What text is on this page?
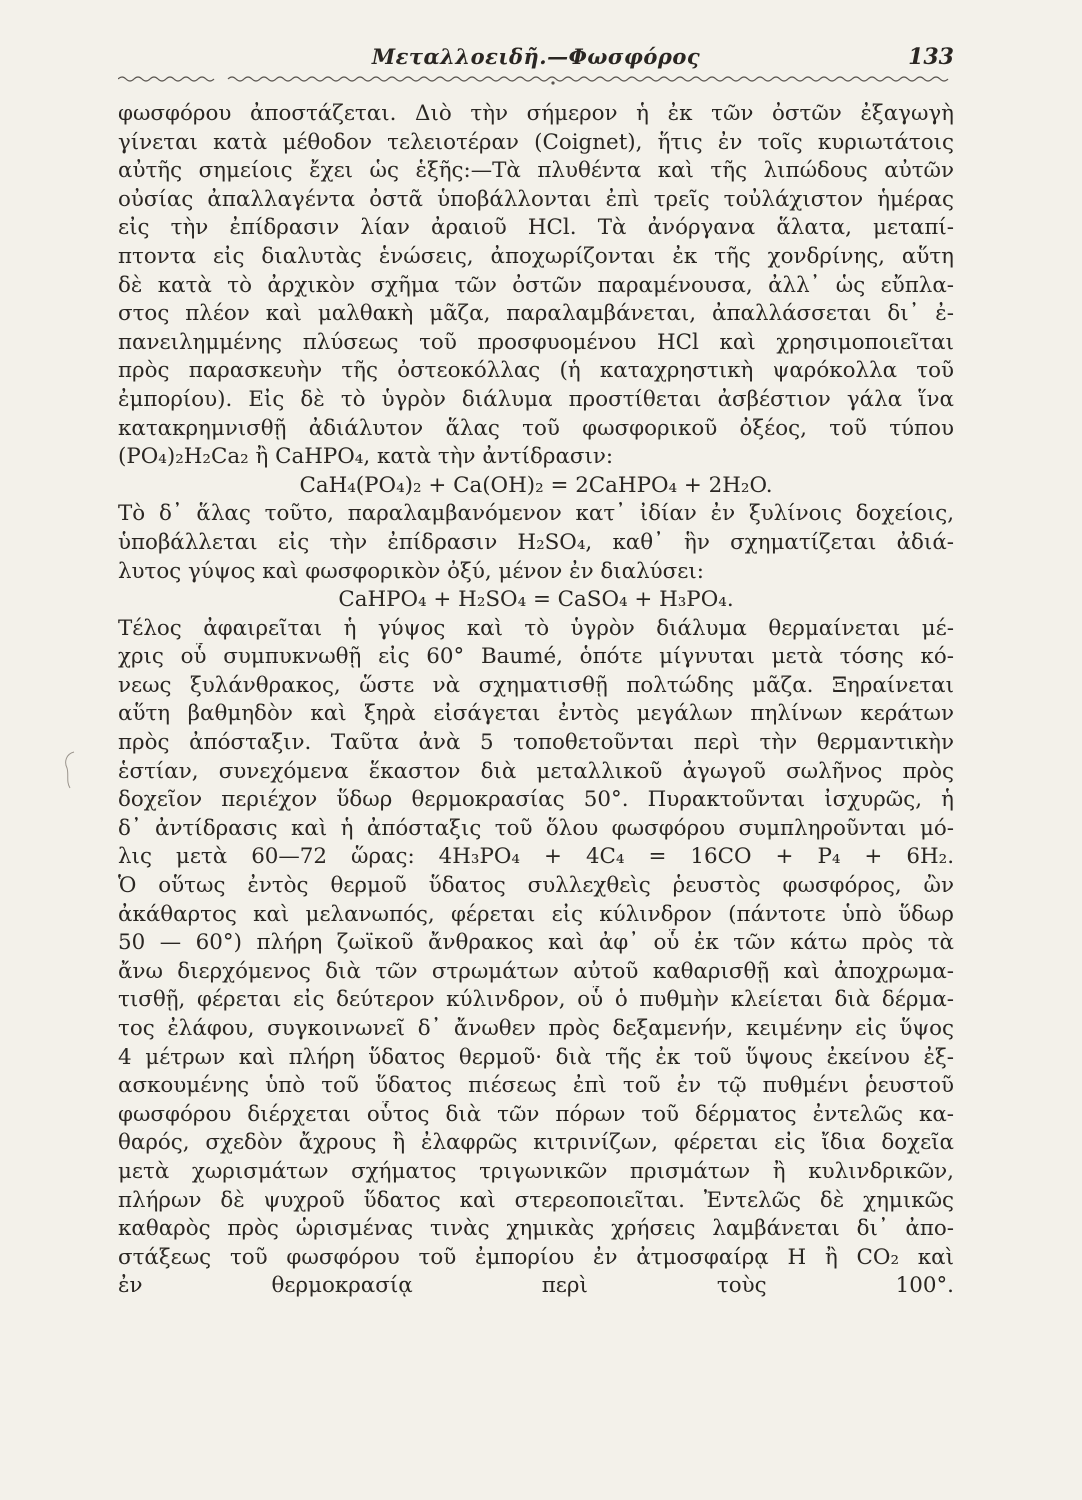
Μεταλλοειδῆ.—Φωσφόρος	133
φωσφόρου ἀποστάζεται. Διὸ τὴν σήμερον ἡ ἐκ τῶν ὀστῶν ἐξαγωγὴ
γίνεται κατὰ μέθοδον τελειοτέραν (Coignet), ἥτις ἐν τοῖς κυριωτάτοις
αὐτῆς σημείοις ἔχει ὡς ἑξῆς:—Τὰ πλυθέντα καὶ τῆς λιπώδους αὐτῶν
οὐσίας ἀπαλλαγέντα ὀστᾶ ὑποβάλλονται ἐπὶ τρεῖς τοὐλάχιστον ἡμέρας
εἰς τὴν ἐπίδρασιν λίαν ἀραιοῦ HCl. Τὰ ἀνόργανα ἅλατα, μεταπί-
πτοντα εἰς διαλυτὰς ἑνώσεις, ἀποχωρίζονται ἐκ τῆς χονδρίνης, αὕτη
δὲ κατὰ τὸ ἀρχικὸν σχῆμα τῶν ὀστῶν παραμένουσα, ἀλλ᾽ ὡς εὔπλα-
στος πλέον καὶ μαλθακὴ μᾶζα, παραλαμβάνεται, ἀπαλλάσσεται δι᾽ ἐ-
πανειλημμένης πλύσεως τοῦ προσφυομένου HCl καὶ χρησιμοποιεῖται
πρὸς παρασκευὴν τῆς ὀστεοκόλλας (ἡ καταχρηστικὴ ψαρόκολλα τοῦ
ἐμπορίου). Εἰς δὲ τὸ ὑγρὸν διάλυμα προστίθεται ἀσβέστιον γάλα ἵνα
κατακρημνισθῇ ἀδιάλυτον ἅλας τοῦ φωσφορικοῦ ὀξέος, τοῦ τύπου
(PO₄)₂H₂Ca₂ ἢ CaHPO₄, κατὰ τὴν ἀντίδρασιν:
CaH₄(PO₄)₂ + Ca(OH)₂ = 2CaHPO₄ + 2H₂O.
Τὸ δ᾽ ἅλας τοῦτο, παραλαμβανόμενον κατ᾽ ἰδίαν ἐν ξυλίνοις δοχείοις,
ὑποβάλλεται εἰς τὴν ἐπίδρασιν H₂SO₄, καθ᾽ ἣν σχηματίζεται ἀδιά-
λυτος γύψος καὶ φωσφορικὸν ὀξύ, μένον ἐν διαλύσει:
CaHPO₄ + H₂SO₄ = CaSO₄ + H₃PO₄.
Τέλος ἀφαιρεῖται ἡ γύψος καὶ τὸ ὑγρὸν διάλυμα θερμαίνεται μέ-
χρις οὗ συμπυκνωθῇ εἰς 60° Baumé, ὁπότε μίγνυται μετὰ τόσης κό-
νεως ξυλάνθρακος, ὥστε νὰ σχηματισθῇ πολτώδης μᾶζα. Ξηραίνεται
αὕτη βαθμηδὸν καὶ ξηρὰ εἰσάγεται ἐντὸς μεγάλων πηλίνων κεράτων
πρὸς ἀπόσταξιν. Ταῦτα ἀνὰ 5 τοποθετοῦνται περὶ τὴν θερμαντικὴν
ἑστίαν, συνεχόμενα ἕκαστον διὰ μεταλλικοῦ ἀγωγοῦ σωλῆνος πρὸς
δοχεῖον περιέχον ὕδωρ θερμοκρασίας 50°. Πυρακτοῦνται ἰσχυρῶς, ἡ
δ᾽ ἀντίδρασις καὶ ἡ ἀπόσταξις τοῦ ὅλου φωσφόρου συμπληροῦνται μό-
λις μετὰ 60—72 ὥρας: 4H₃PO₄ + 4C₄ = 16CO + P₄ + 6H₂.
Ὁ οὕτως ἐντὸς θερμοῦ ὕδατος συλλεχθεὶς ῥευστὸς φωσφόρος, ὢν
ἀκάθαρτος καὶ μελανωπός, φέρεται εἰς κύλινδρον (πάντοτε ὑπὸ ὕδωρ
50 — 60°) πλήρη ζωϊκοῦ ἄνθρακος καὶ ἀφ᾽ οὗ ἐκ τῶν κάτω πρὸς τὰ
ἄνω διερχόμενος διὰ τῶν στρωμάτων αὐτοῦ καθαρισθῇ καὶ ἀποχρωμα-
τισθῇ, φέρεται εἰς δεύτερον κύλινδρον, οὗ ὁ πυθμὴν κλείεται διὰ δέρμα-
τος ἐλάφου, συγκοινωνεῖ δ᾽ ἄνωθεν πρὸς δεξαμενήν, κειμένην εἰς ὕψος
4 μέτρων καὶ πλήρη ὕδατος θερμοῦ· διὰ τῆς ἐκ τοῦ ὕψους ἐκείνου ἐξ-
ασκουμένης ὑπὸ τοῦ ὕδατος πιέσεως ἐπὶ τοῦ ἐν τῷ πυθμένι ῥευστοῦ
φωσφόρου διέρχεται οὗτος διὰ τῶν πόρων τοῦ δέρματος ἐντελῶς κα-
θαρός, σχεδὸν ἄχρους ἢ ἐλαφρῶς κιτρινίζων, φέρεται εἰς ἴδια δοχεῖα
μετὰ χωρισμάτων σχήματος τριγωνικῶν πρισμάτων ἢ κυλινδρικῶν,
πλήρων δὲ ψυχροῦ ὕδατος καὶ στερεοποιεῖται. Ἐντελῶς δὲ χημικῶς
καθαρὸς πρὸς ὡρισμένας τινὰς χημικὰς χρήσεις λαμβάνεται δι᾽ ἀπο-
στάξεως τοῦ φωσφόρου τοῦ ἐμπορίου ἐν ἀτμοσφαίρᾳ H ἢ CO₂ καὶ
ἐν θερμοκρασίᾳ περὶ τοὺς 100°.
